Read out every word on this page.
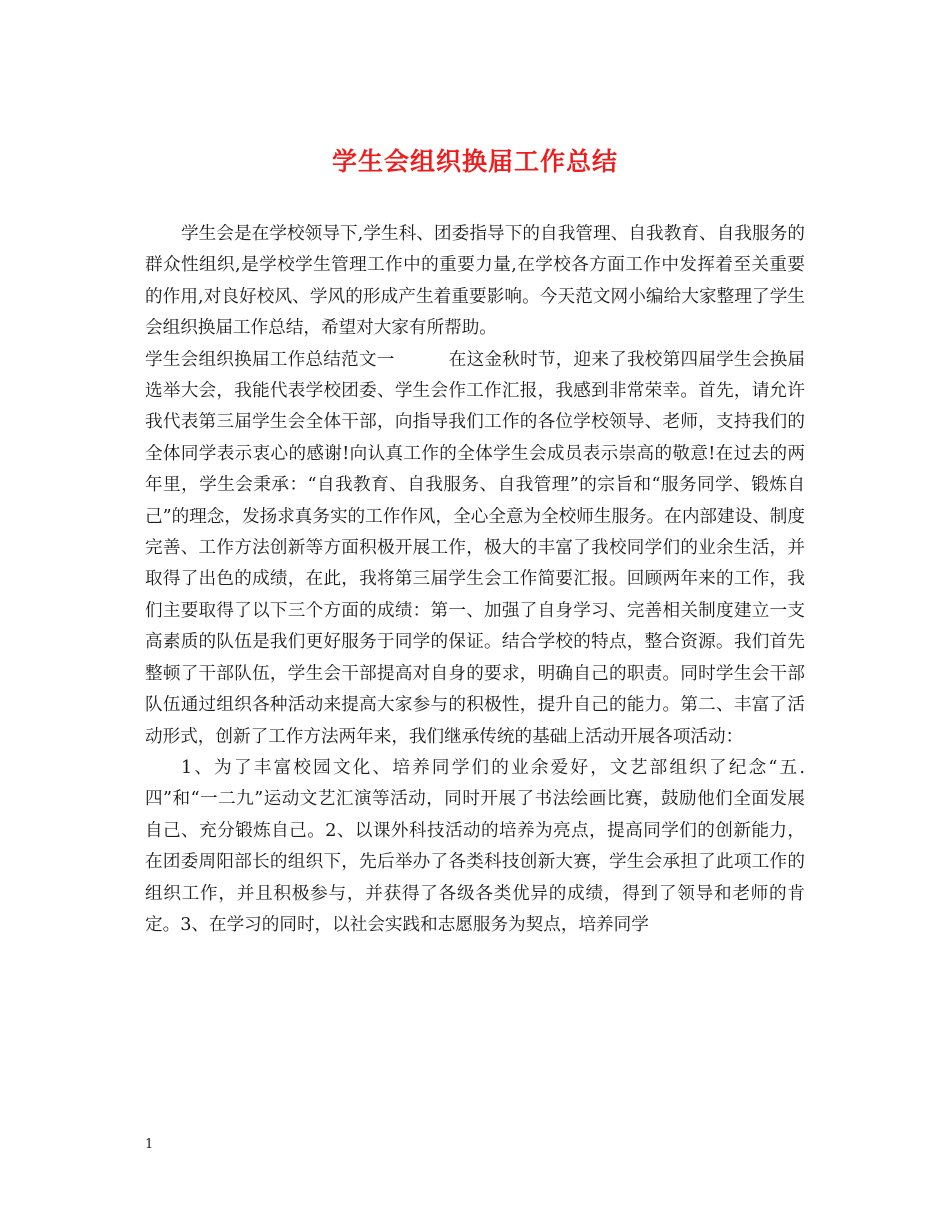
学生会组织换届工作总结

学生会是在学校领导下,学生科、团委指导下的自我管理、自我教育、自我服务的群众性组织,是学校学生管理工作中的重要力量,在学校各方面工作中发挥着至关重要的作用,对良好校风、学风的形成产生着重要影响。今天范文网小编给大家整理了学生会组织换届工作总结，希望对大家有所帮助。

学生会组织换届工作总结范文一	在这金秋时节，迎来了我校第四届学生会换届选举大会，我能代表学校团委、学生会作工作汇报，我感到非常荣幸。首先，请允许我代表第三届学生会全体干部，向指导我们工作的各位学校领导、老师，支持我们的全体同学表示衷心的感谢!向认真工作的全体学生会成员表示崇高的敬意!在过去的两年里，学生会秉承：“自我教育、自我服务、自我管理”的宗旨和“服务同学、锻炼自己”的理念，发扬求真务实的工作作风，全心全意为全校师生服务。在内部建设、制度完善、工作方法创新等方面积极开展工作，极大的丰富了我校同学们的业余生活，并取得了出色的成绩，在此，我将第三届学生会工作简要汇报。回顾两年来的工作，我们主要取得了以下三个方面的成绩：第一、加强了自身学习、完善相关制度建立一支高素质的队伍是我们更好服务于同学的保证。结合学校的特点，整合资源。我们首先整顿了干部队伍，学生会干部提高对自身的要求，明确自己的职责。同时学生会干部队伍通过组织各种活动来提高大家参与的积极性，提升自己的能力。第二、丰富了活动形式，创新了工作方法两年来，我们继承传统的基础上活动开展各项活动：

1、为了丰富校园文化、培养同学们的业余爱好，文艺部组织了纪念“五.四”和“一二九”运动文艺汇演等活动，同时开展了书法绘画比赛，鼓励他们全面发展自己、充分锻炼自己。2、以课外科技活动的培养为亮点，提高同学们的创新能力，在团委周阳部长的组织下，先后举办了各类科技创新大赛，学生会承担了此项工作的组织工作，并且积极参与，并获得了各级各类优异的成绩，得到了领导和老师的肯定。3、在学习的同时，以社会实践和志愿服务为契点，培养同学

1
